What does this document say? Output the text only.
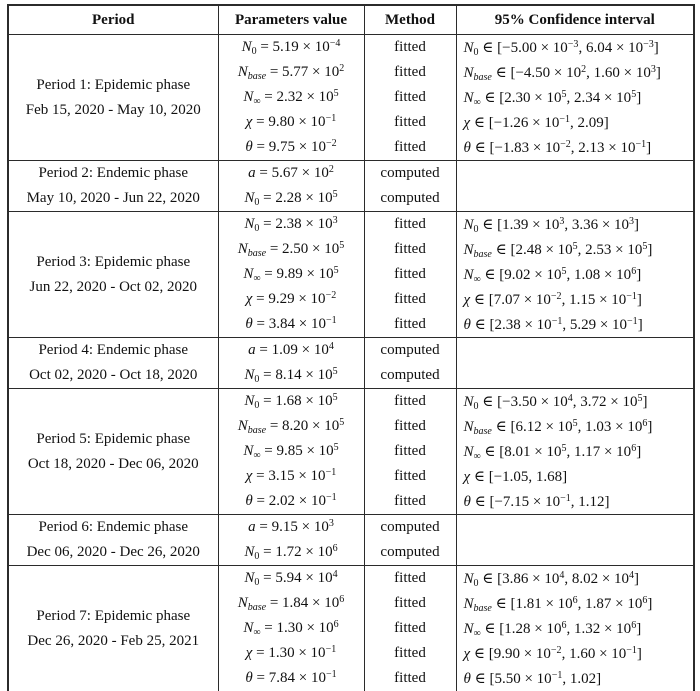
Period	Parameters value	Method	95% Confidence interval

Period 1: Epidemic phase
Feb 15, 2020 - May 10, 2020	$N_0 = 5.19 \times 10^{-4}$	fitted	$N_0$ ∈ [$-5.00 \times 10^{-3}$, $6.04 \times 10^{-3}$]
	$N_{base} = 5.77 \times 10^2$	fitted	$N_{base}$ ∈ [$-4.50 \times 10^2$, $1.60 \times 10^3$]
	$N_\infty = 2.32 \times 10^5$	fitted	$N_\infty$ ∈ [$2.30 \times 10^5$, $2.34 \times 10^5$]
	$\chi = 9.80 \times 10^{-1}$	fitted	χ ∈ [$-1.26 \times 10^{-1}$, 2.09]
	$\theta = 9.75 \times 10^{-2}$	fitted	θ ∈ [$-1.83 \times 10^{-2}$, $2.13 \times 10^{-1}$]

Period 2: Endemic phase
May 10, 2020 - Jun 22, 2020	$a = 5.67 \times 10^2$	computed	
	$N_0 = 2.28 \times 10^5$	computed	

Period 3: Epidemic phase
Jun 22, 2020 - Oct 02, 2020	$N_0 = 2.38 \times 10^3$	fitted	$N_0$ ∈ [$1.39 \times 10^3$, $3.36 \times 10^3$]
	$N_{base} = 2.50 \times 10^5$	fitted	$N_{base}$ ∈ [$2.48 \times 10^5$, $2.53 \times 10^5$]
	$N_\infty = 9.89 \times 10^5$	fitted	$N_\infty$ ∈ [$9.02 \times 10^5$, $1.08 \times 10^6$]
	$\chi = 9.29 \times 10^{-2}$	fitted	χ ∈ [$7.07 \times 10^{-2}$, $1.15 \times 10^{-1}$]
	$\theta = 3.84 \times 10^{-1}$	fitted	θ ∈ [$2.38 \times 10^{-1}$, $5.29 \times 10^{-1}$]

Period 4: Endemic phase
Oct 02, 2020 - Oct 18, 2020	$a = 1.09 \times 10^4$	computed	
	$N_0 = 8.14 \times 10^5$	computed	

Period 5: Epidemic phase
Oct 18, 2020 - Dec 06, 2020	$N_0 = 1.68 \times 10^5$	fitted	$N_0$ ∈ [$-3.50 \times 10^4$, $3.72 \times 10^5$]
	$N_{base} = 8.20 \times 10^5$	fitted	$N_{base}$ ∈ [$6.12 \times 10^5$, $1.03 \times 10^6$]
	$N_\infty = 9.85 \times 10^5$	fitted	$N_\infty$ ∈ [$8.01 \times 10^5$, $1.17 \times 10^6$]
	$\chi = 3.15 \times 10^{-1}$	fitted	χ ∈ [−1.05, 1.68]
	$\theta = 2.02 \times 10^{-1}$	fitted	θ ∈ [$-7.15 \times 10^{-1}$, 1.12]

Period 6: Endemic phase
Dec 06, 2020 - Dec 26, 2020	$a = 9.15 \times 10^3$	computed	
	$N_0 = 1.72 \times 10^6$	computed	

Period 7: Epidemic phase
Dec 26, 2020 - Feb 25, 2021	$N_0 = 5.94 \times 10^4$	fitted	$N_0$ ∈ [$3.86 \times 10^4$, $8.02 \times 10^4$]
	$N_{base} = 1.84 \times 10^6$	fitted	$N_{base}$ ∈ [$1.81 \times 10^6$, $1.87 \times 10^6$]
	$N_\infty = 1.30 \times 10^6$	fitted	$N_\infty$ ∈ [$1.28 \times 10^6$, $1.32 \times 10^6$]
	$\chi = 1.30 \times 10^{-1}$	fitted	χ ∈ [$9.90 \times 10^{-2}$, $1.60 \times 10^{-1}$]
	$\theta = 7.84 \times 10^{-1}$	fitted	θ ∈ [$5.50 \times 10^{-1}$, 1.02]
